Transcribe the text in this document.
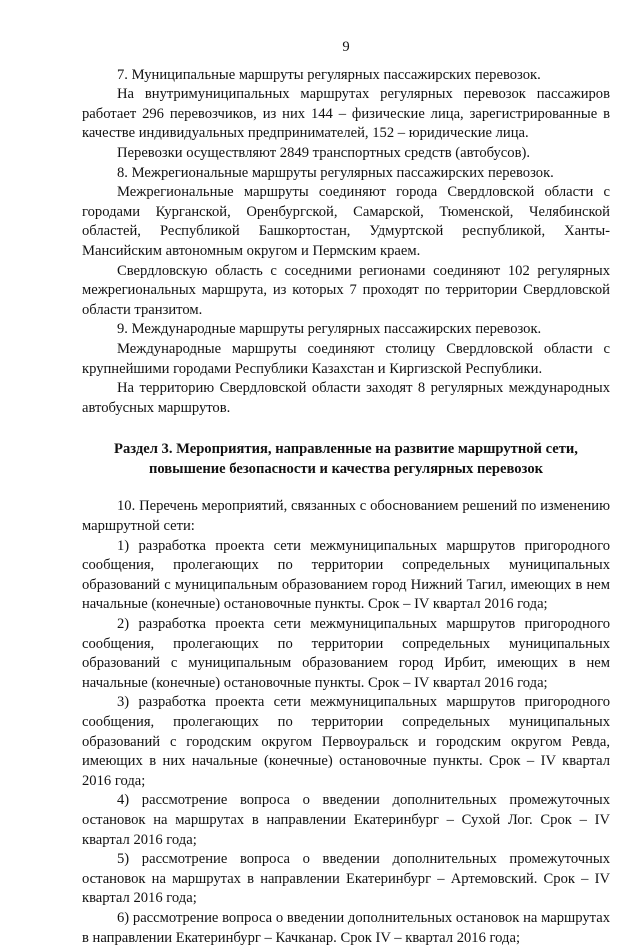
9

7. Муниципальные маршруты регулярных пассажирских перевозок.

На внутримуниципальных маршрутах регулярных перевозок пассажиров работает 296 перевозчиков, из них 144 – физические лица, зарегистрированные в качестве индивидуальных предпринимателей, 152 – юридические лица.

Перевозки осуществляют 2849 транспортных средств (автобусов).

8. Межрегиональные маршруты регулярных пассажирских перевозок.

Межрегиональные маршруты соединяют города Свердловской области с городами Курганской, Оренбургской, Самарской, Тюменской, Челябинской областей, Республикой Башкортостан, Удмуртской республикой, Ханты-Мансийским автономным округом и Пермским краем.

Свердловскую область с соседними регионами соединяют 102 регулярных межрегиональных маршрута, из которых 7 проходят по территории Свердловской области транзитом.

9. Международные маршруты регулярных пассажирских перевозок.

Международные маршруты соединяют столицу Свердловской области с крупнейшими городами Республики Казахстан и Киргизской Республики.

На территорию Свердловской области заходят 8 регулярных международных автобусных маршрутов.

Раздел 3. Мероприятия, направленные на развитие маршрутной сети,
повышение безопасности и качества регулярных перевозок

10. Перечень мероприятий, связанных с обоснованием решений по изменению маршрутной сети:

1) разработка проекта сети межмуниципальных маршрутов пригородного сообщения, пролегающих по территории сопредельных муниципальных образований с муниципальным образованием город Нижний Тагил, имеющих в нем начальные (конечные) остановочные пункты. Срок – IV квартал 2016 года;

2) разработка проекта сети межмуниципальных маршрутов пригородного сообщения, пролегающих по территории сопредельных муниципальных образований с муниципальным образованием город Ирбит, имеющих в нем начальные (конечные) остановочные пункты. Срок – IV квартал 2016 года;

3) разработка проекта сети межмуниципальных маршрутов пригородного сообщения, пролегающих по территории сопредельных муниципальных образований с городским округом Первоуральск и городским округом Ревда, имеющих в них начальные (конечные) остановочные пункты. Срок – IV квартал 2016 года;

4) рассмотрение вопроса о введении дополнительных промежуточных остановок на маршрутах в направлении Екатеринбург – Сухой Лог. Срок – IV квартал 2016 года;

5) рассмотрение вопроса о введении дополнительных промежуточных остановок на маршрутах в направлении Екатеринбург – Артемовский. Срок – IV квартал 2016 года;

6) рассмотрение вопроса о введении дополнительных остановок на маршрутах в направлении Екатеринбург – Качканар. Срок IV – квартал 2016 года;
